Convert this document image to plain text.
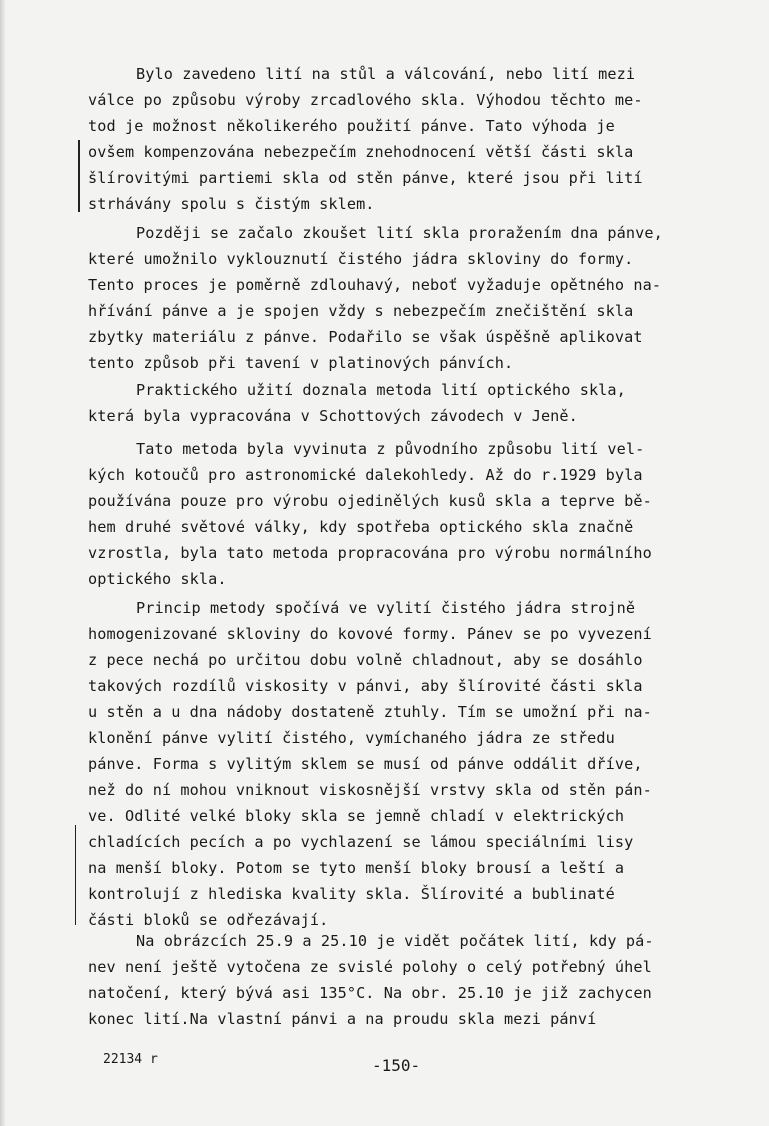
Bylo zavedeno lití na stůl a válcování, nebo lití mezi
válce po způsobu výroby zrcadlového skla. Výhodou těchto me-
tod je možnost několikerého použití pánve. Tato výhoda je
ovšem kompenzována nebezpečím znehodnocení větší části skla
šlírovitými partiemi skla od stěn pánve, které jsou při lití
strhávány spolu s čistým sklem.
Později se začalo zkoušet lití skla proražením dna pánve,
které umožnilo vyklouznutí čistého jádra skloviny do formy.
Tento proces je poměrně zdlouhavý, neboť vyžaduje opětného na-
hřívání pánve a je spojen vždy s nebezpečím znečištění skla
zbytky materiálu z pánve. Podařilo se však úspěšně aplikovat
tento způsob při tavení v platinových pánvích.
Praktického užití doznala metoda lití optického skla,
která byla vypracována v Schottových závodech v Jeně.
Tato metoda byla vyvinuta z původního způsobu lití vel-
kých kotoučů pro astronomické dalekohledy. Až do r.1929 byla
používána pouze pro výrobu ojedinělých kusů skla a teprve bě-
hem druhé světové války, kdy spotřeba optického skla značně
vzrostla, byla tato metoda propracována pro výrobu normálního
optického skla.
Princip metody spočívá ve vylití čistého jádra strojně
homogenizované skloviny do kovové formy. Pánev se po vyvezení
z pece nechá po určitou dobu volně chladnout, aby se dosáhlo
takových rozdílů viskosity v pánvi, aby šlírovité části skla
u stěn a u dna nádoby dostateně ztuhly. Tím se umožní při na-
klonění pánve vylití čistého, vymíchaného jádra ze středu
pánve. Forma s vylitým sklem se musí od pánve oddálit dříve,
než do ní mohou vniknout viskosnější vrstvy skla od stěn pán-
ve. Odlité velké bloky skla se jemně chladí v elektrických
chladících pecích a po vychlazení se lámou speciálními lisy
na menší bloky. Potom se tyto menší bloky brousí a leští a
kontrolují z hlediska kvality skla. Šlírovité a bublinaté
části bloků se odřezávají.
Na obrázcích 25.9 a 25.10 je vidět počátek lití, kdy pá-
nev není ještě vytočena ze svislé polohy o celý potřebný úhel
natočení, který bývá asi 135°C. Na obr. 25.10 je již zachycen
konec lití.Na vlastní pánvi a na proudu skla mezi pánví
22134 r	-150-
